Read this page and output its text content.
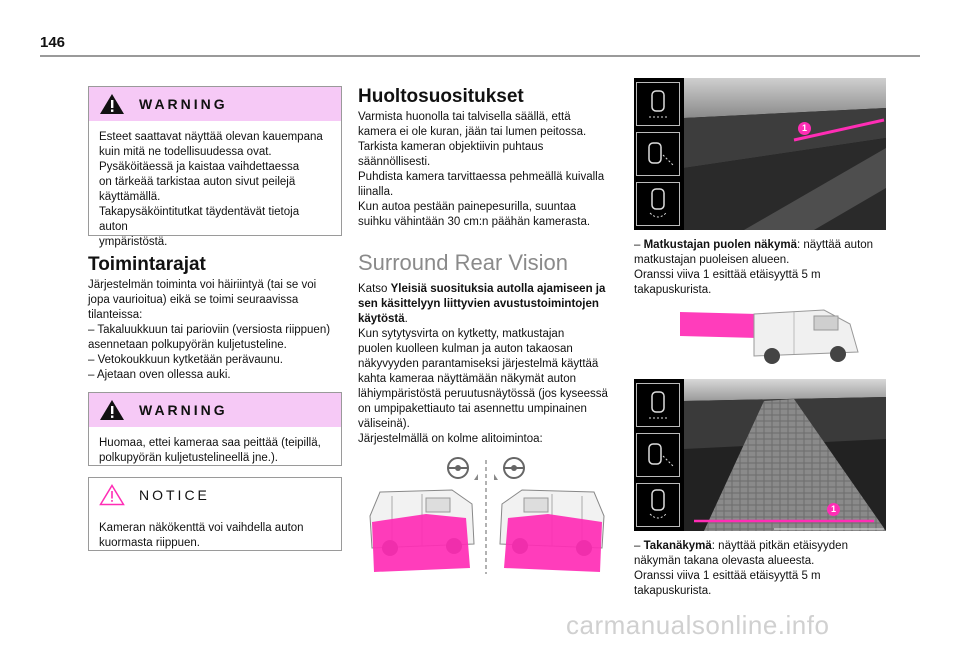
146
WARNING

Esteet saattavat näyttää olevan kauempana

kuin mitä ne todellisuudessa ovat.

Pysäköitäessä ja kaistaa vaihdettaessa

on tärkeää tarkistaa auton sivut peilejä

käyttämällä.

Takapysäköintitutkat täydentävät tietoja auton

ympäristöstä.

Toimintarajat

Järjestelmän toiminta voi häiriintyä (tai se voi

jopa vaurioitua) eikä se toimi seuraavissa

tilanteissa:

– Takaluukkuun tai parioviin (versiosta riippuen)

asennetaan polkupyörän kuljetusteline.

– Vetokoukkuun kytketään perävaunu.

– Ajetaan oven ollessa auki.

WARNING

Huomaa, ettei kameraa saa peittää (teipillä,

polkupyörän kuljetustelineellä jne.).

NOTICE

Kameran näkökenttä voi vaihdella auton

kuormasta riippuen.

Huoltosuositukset

Varmista huonolla tai talvisella säällä, että

kamera ei ole kuran, jään tai lumen peitossa.

Tarkista kameran objektiivin puhtaus

säännöllisesti.

Puhdista kamera tarvittaessa pehmeällä kuivalla

liinalla.

Kun autoa pestään painepesurilla, suuntaa

suihku vähintään 30 cm:n päähän kamerasta.

Surround Rear Vision

Katso Yleisiä suosituksia autolla ajamiseen ja

sen käsittelyyn liittyvien avustustoimintojen

käytöstä.

Kun sytytysvirta on kytketty, matkustajan

puolen kuolleen kulman ja auton takaosan

näkyvyyden parantamiseksi järjestelmä käyttää

kahta kameraa näyttämään näkymät auton

lähiympäristöstä peruutusnäytössä (jos kyseessä

on umpipakettiauto tai asennettu umpinainen

väliseinä).

Järjestelmällä on kolme alitoimintoa:

1

– Matkustajan puolen näkymä: näyttää auton

matkustajan puoleisen alueen.

Oranssi viiva 1 esittää etäisyyttä 5 m

takapuskurista.

1

– Takanäkymä: näyttää pitkän etäisyyden

näkymän takana olevasta alueesta.

Oranssi viiva 1 esittää etäisyyttä 5 m

takapuskurista.

carmanualsonline.info
